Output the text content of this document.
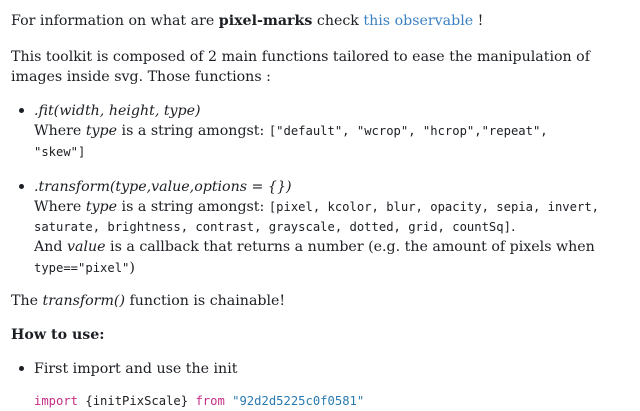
For information on what are pixel-marks check this observable !
This toolkit is composed of 2 main functions tailored to ease the manipulation of
images inside svg. Those functions :
.fit(width, height, type)
Where type is a string amongst: ["default", "wcrop", "hcrop","repeat",
"skew"]
.transform(type,value,options = {})
Where type is a string amongst: [pixel, kcolor, blur, opacity, sepia, invert,
saturate, brightness, contrast, grayscale, dotted, grid, countSq].
And value is a callback that returns a number (e.g. the amount of pixels when
type=="pixel")
The transform() function is chainable!
How to use:
First import and use the init
import {initPixScale} from "92d2d5225c0f0581"
